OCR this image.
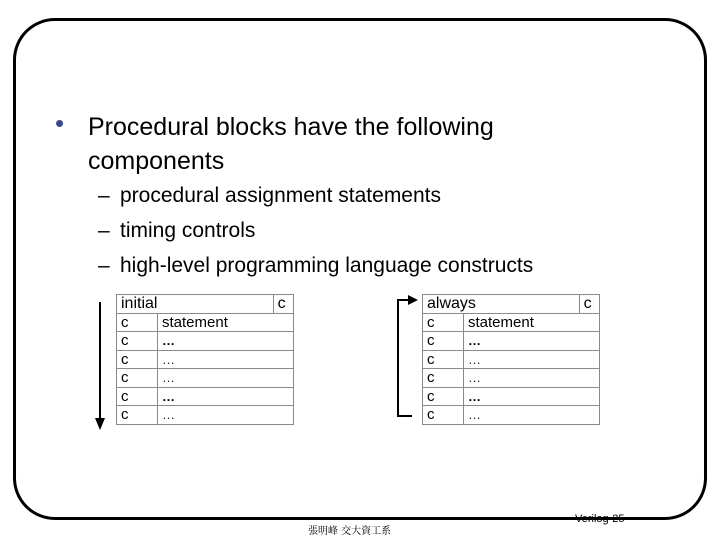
• Procedural blocks have the following components
– procedural assignment statements
– timing controls
– high-level programming language constructs
initial		c
c	statement	
c	…	
c	…	
c	…	
c	…	
c	…	
always		c
c	statement	
c	…	
c	…	
c	…	
c	…	
c	…	
張明峰 交大資工系
Verilog-25
